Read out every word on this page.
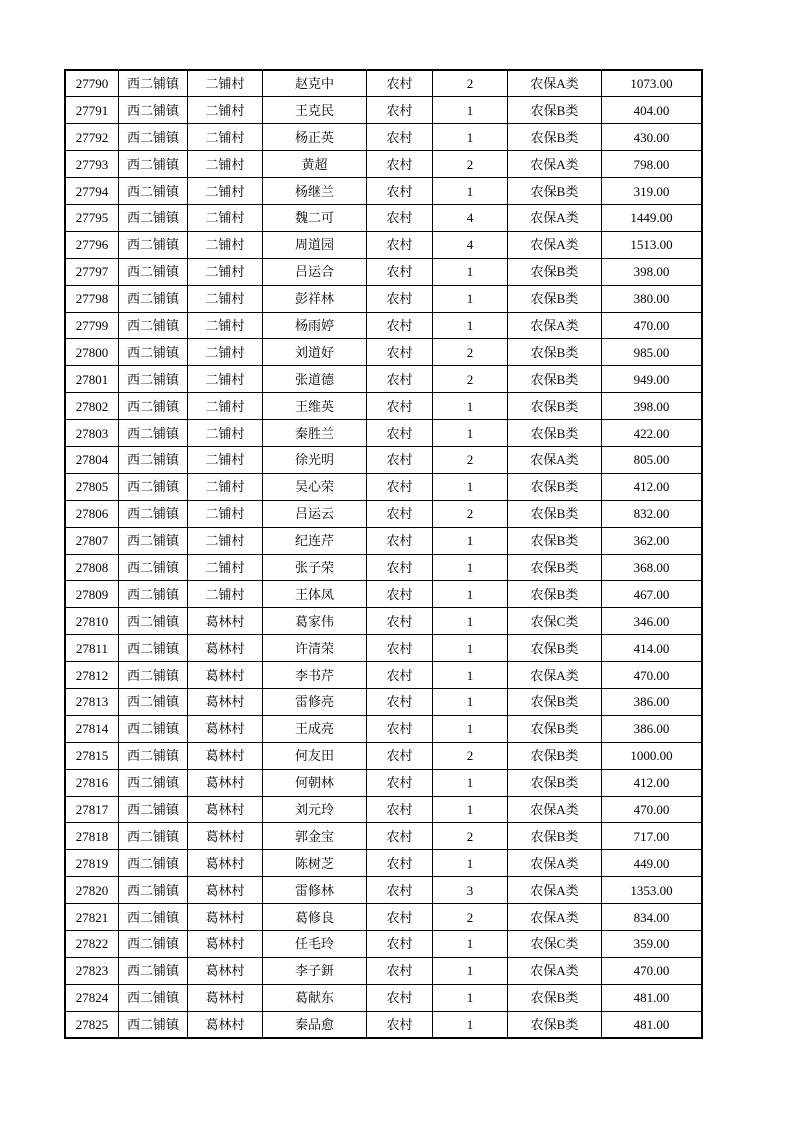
27790	西二铺镇	二铺村	赵克中	农村	2	农保A类	1073.00
27791	西二铺镇	二铺村	王克民	农村	1	农保B类	404.00
27792	西二铺镇	二铺村	杨正英	农村	1	农保B类	430.00
27793	西二铺镇	二铺村	黄超	农村	2	农保A类	798.00
27794	西二铺镇	二铺村	杨继兰	农村	1	农保B类	319.00
27795	西二铺镇	二铺村	魏二可	农村	4	农保A类	1449.00
27796	西二铺镇	二铺村	周道园	农村	4	农保A类	1513.00
27797	西二铺镇	二铺村	吕运合	农村	1	农保B类	398.00
27798	西二铺镇	二铺村	彭祥林	农村	1	农保B类	380.00
27799	西二铺镇	二铺村	杨雨婷	农村	1	农保A类	470.00
27800	西二铺镇	二铺村	刘道好	农村	2	农保B类	985.00
27801	西二铺镇	二铺村	张道德	农村	2	农保B类	949.00
27802	西二铺镇	二铺村	王维英	农村	1	农保B类	398.00
27803	西二铺镇	二铺村	秦胜兰	农村	1	农保B类	422.00
27804	西二铺镇	二铺村	徐光明	农村	2	农保A类	805.00
27805	西二铺镇	二铺村	吴心荣	农村	1	农保B类	412.00
27806	西二铺镇	二铺村	吕运云	农村	2	农保B类	832.00
27807	西二铺镇	二铺村	纪连芹	农村	1	农保B类	362.00
27808	西二铺镇	二铺村	张子荣	农村	1	农保B类	368.00
27809	西二铺镇	二铺村	王体凤	农村	1	农保B类	467.00
27810	西二铺镇	葛林村	葛家伟	农村	1	农保C类	346.00
27811	西二铺镇	葛林村	许清荣	农村	1	农保B类	414.00
27812	西二铺镇	葛林村	李书芹	农村	1	农保A类	470.00
27813	西二铺镇	葛林村	雷修亮	农村	1	农保B类	386.00
27814	西二铺镇	葛林村	王成亮	农村	1	农保B类	386.00
27815	西二铺镇	葛林村	何友田	农村	2	农保B类	1000.00
27816	西二铺镇	葛林村	何朝林	农村	1	农保B类	412.00
27817	西二铺镇	葛林村	刘元玲	农村	1	农保A类	470.00
27818	西二铺镇	葛林村	郭金宝	农村	2	农保B类	717.00
27819	西二铺镇	葛林村	陈树芝	农村	1	农保A类	449.00
27820	西二铺镇	葛林村	雷修林	农村	3	农保A类	1353.00
27821	西二铺镇	葛林村	葛修良	农村	2	农保A类	834.00
27822	西二铺镇	葛林村	任毛玲	农村	1	农保C类	359.00
27823	西二铺镇	葛林村	李子鈃	农村	1	农保A类	470.00
27824	西二铺镇	葛林村	葛献东	农村	1	农保B类	481.00
27825	西二铺镇	葛林村	秦品愈	农村	1	农保B类	481.00
